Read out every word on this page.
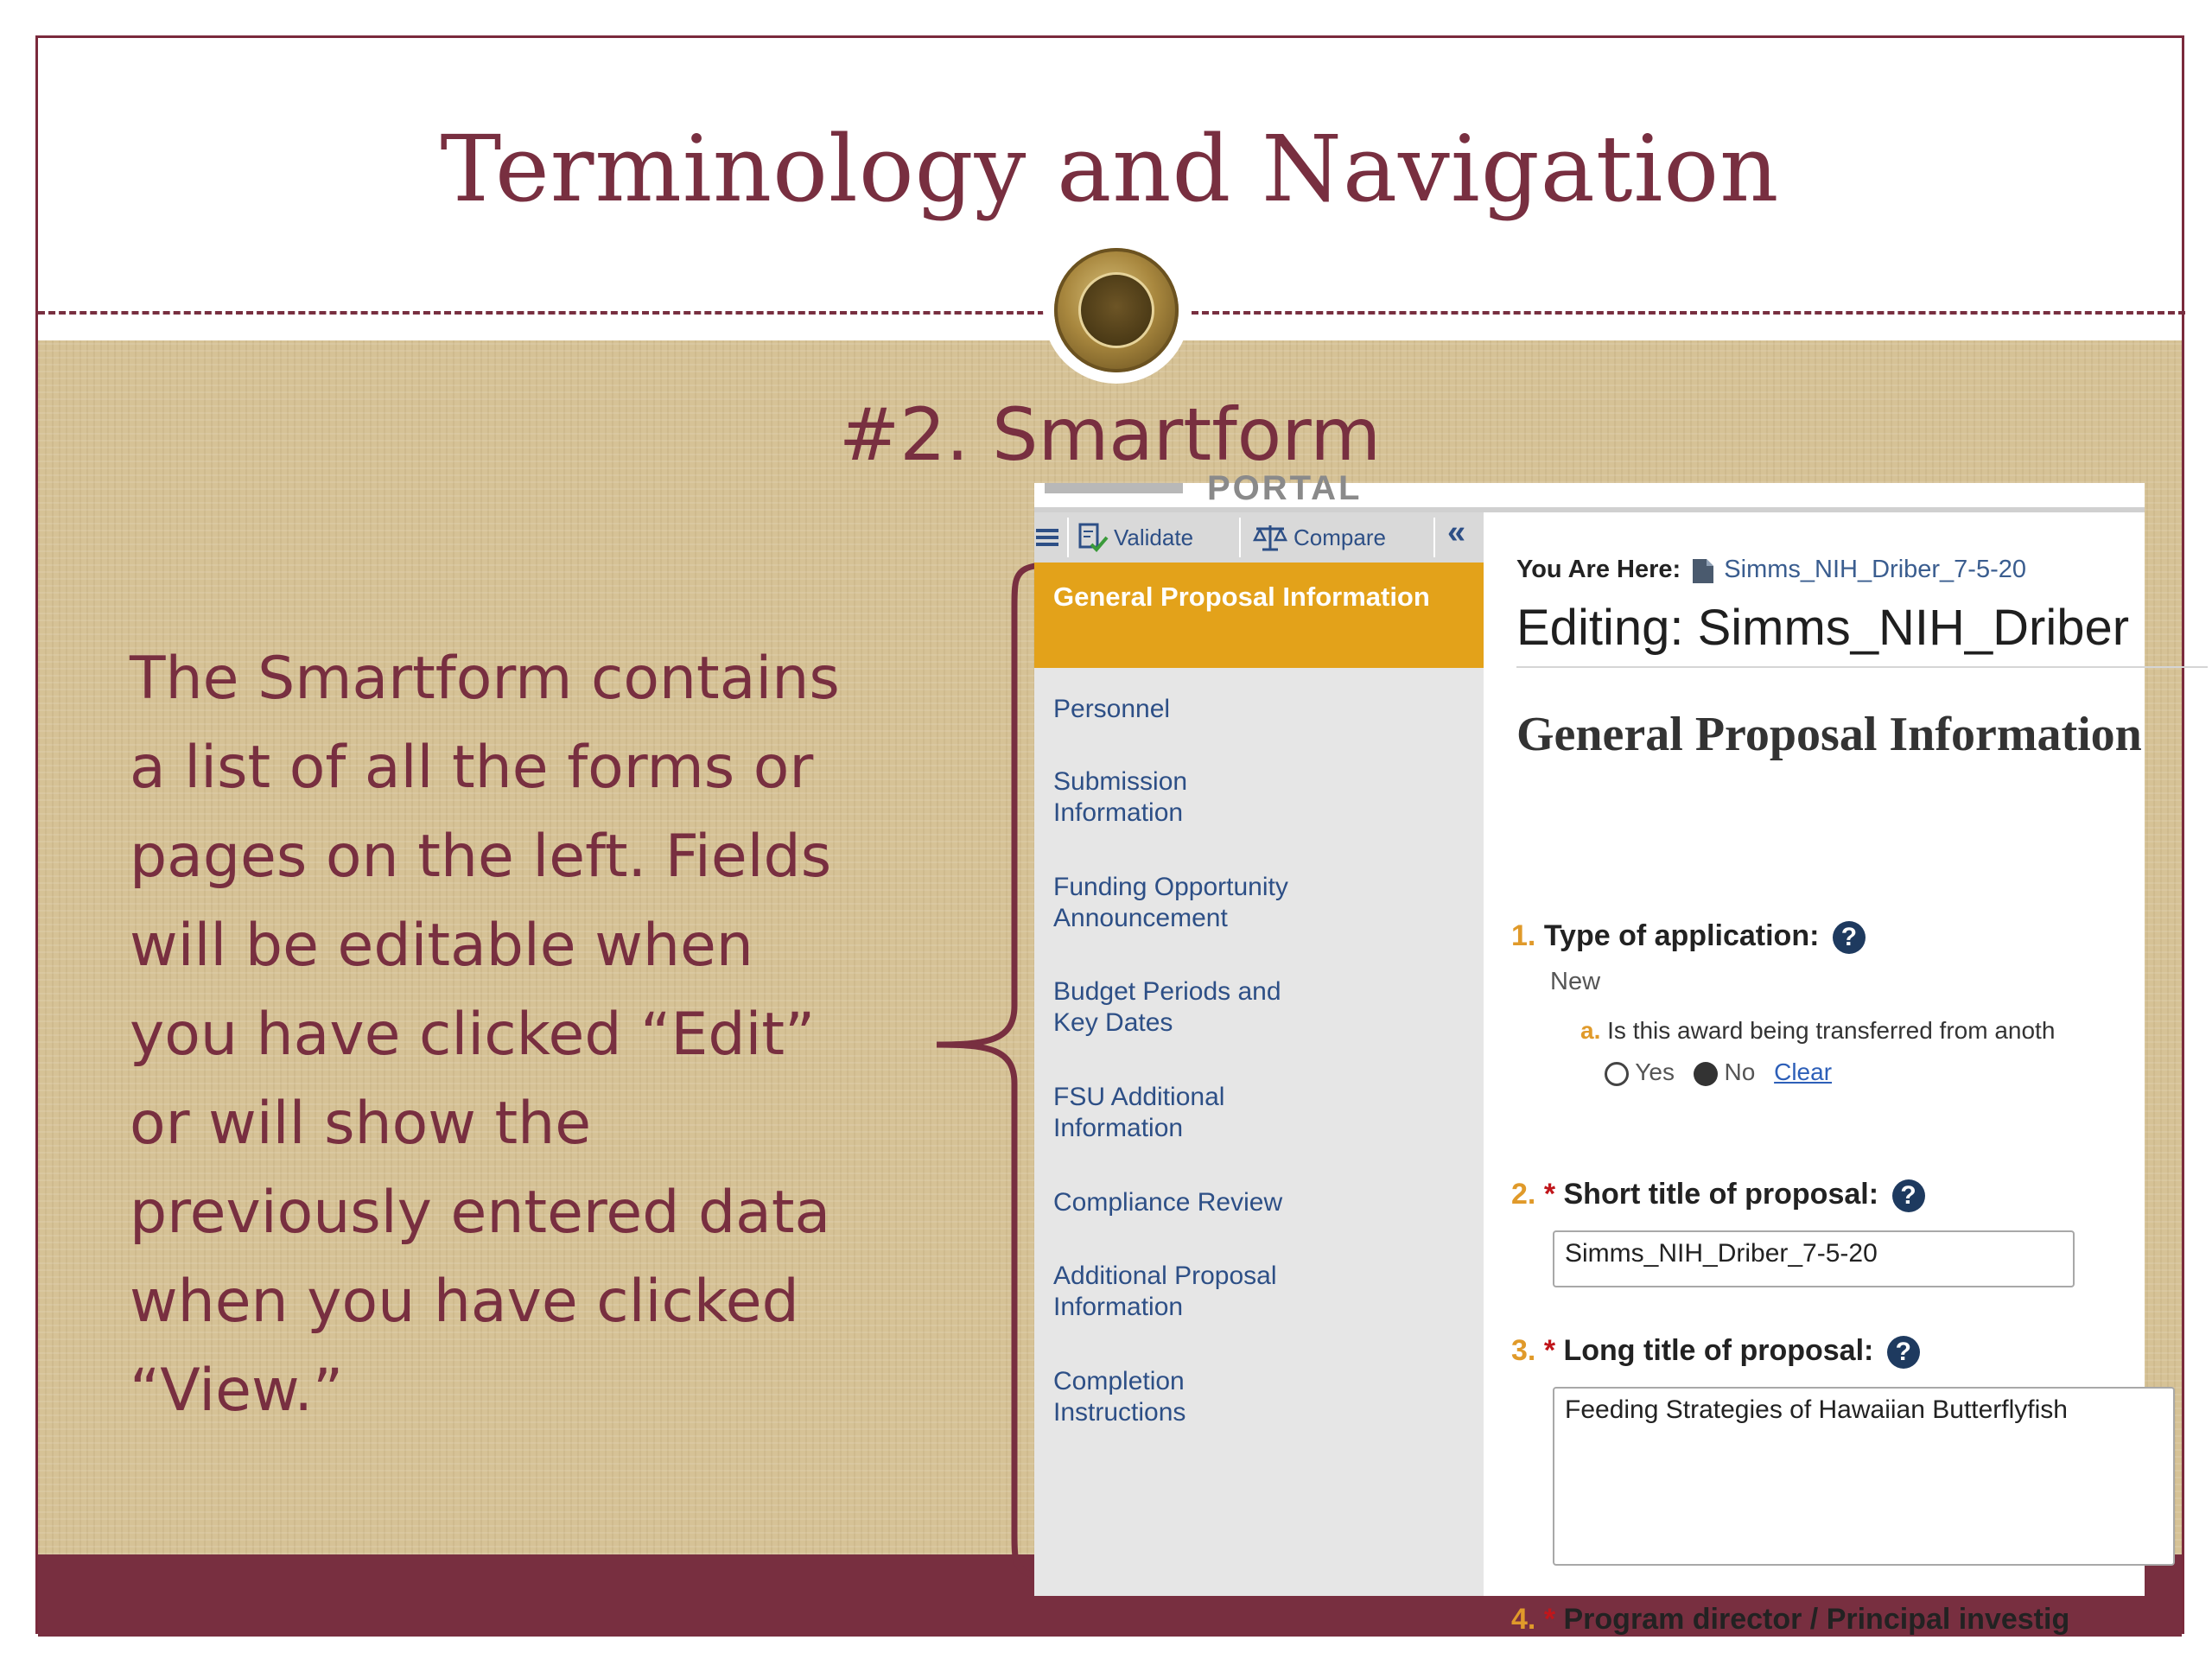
Terminology and Navigation
#2. Smartform
The Smartform contains
a list of all the forms or
pages on the left. Fields
will be editable when
you have clicked “Edit”
or will show the
previously entered data
when you have clicked
“View.”
PORTAL
Validate	Compare «
General Proposal Information
Personnel
Submission Information
Funding Opportunity Announcement
Budget Periods and Key Dates
FSU Additional Information
Compliance Review
Additional Proposal Information
Completion Instructions
You Are Here: Simms_NIH_Driber_7-5-20
Editing: Simms_NIH_Driber
General Proposal Information
1. Type of application: ?
New
a. Is this award being transferred from anoth
Yes No Clear
2. * Short title of proposal: ?
Simms_NIH_Driber_7-5-20
3. * Long title of proposal: ?
Feeding Strategies of Hawaiian Butterflyfish
4. * Program director / Principal investig
